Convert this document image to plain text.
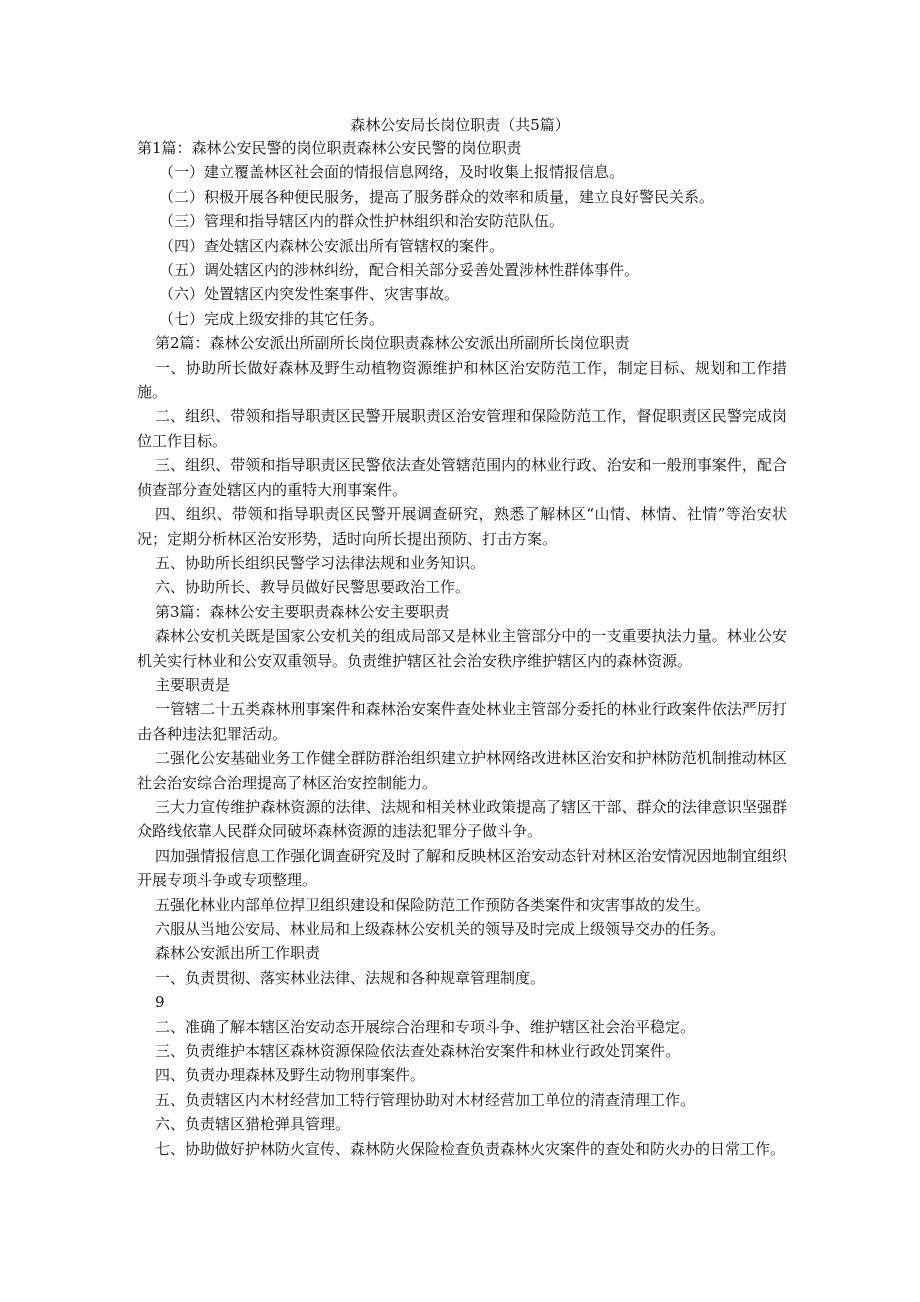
森林公安局长岗位职责（共5篇）

第1篇：森林公安民警的岗位职责森林公安民警的岗位职责

（一）建立覆盖林区社会面的情报信息网络，及时收集上报情报信息。

（二）积极开展各种便民服务，提高了服务群众的效率和质量，建立良好警民关系。

（三）管理和指导辖区内的群众性护林组织和治安防范队伍。

（四）查处辖区内森林公安派出所有管辖权的案件。

（五）调处辖区内的涉林纠纷，配合相关部分妥善处置涉林性群体事件。

（六）处置辖区内突发性案事件、灾害事故。

（七）完成上级安排的其它任务。

第2篇：森林公安派出所副所长岗位职责森林公安派出所副所长岗位职责

一、协助所长做好森林及野生动植物资源维护和林区治安防范工作，制定目标、规划和工作措施。

二、组织、带领和指导职责区民警开展职责区治安管理和保险防范工作，督促职责区民警完成岗位工作目标。

三、组织、带领和指导职责区民警依法查处管辖范围内的林业行政、治安和一般刑事案件，配合侦查部分查处辖区内的重特大刑事案件。

四、组织、带领和指导职责区民警开展调查研究，熟悉了解林区“山情、林情、社情”等治安状况；定期分析林区治安形势，适时向所长提出预防、打击方案。

五、协助所长组织民警学习法律法规和业务知识。

六、协助所长、教导员做好民警思要政治工作。

第3篇：森林公安主要职责森林公安主要职责

森林公安机关既是国家公安机关的组成局部又是林业主管部分中的一支重要执法力量。林业公安机关实行林业和公安双重领导。负责维护辖区社会治安秩序维护辖区内的森林资源。

主要职责是

一管辖二十五类森林刑事案件和森林治安案件查处林业主管部分委托的林业行政案件依法严厉打击各种违法犯罪活动。

二强化公安基础业务工作健全群防群治组织建立护林网络改进林区治安和护林防范机制推动林区社会治安综合治理提高了林区治安控制能力。

三大力宣传维护森林资源的法律、法规和相关林业政策提高了辖区干部、群众的法律意识坚强群众路线依靠人民群众同破坏森林资源的违法犯罪分子做斗争。

四加强情报信息工作强化调查研究及时了解和反映林区治安动态针对林区治安情况因地制宜组织开展专项斗争或专项整理。

五强化林业内部单位捍卫组织建设和保险防范工作预防各类案件和灾害事故的发生。

六服从当地公安局、林业局和上级森林公安机关的领导及时完成上级领导交办的任务。

森林公安派出所工作职责

一、负责贯彻、落实林业法律、法规和各种规章管理制度。

9

二、准确了解本辖区治安动态开展综合治理和专项斗争、维护辖区社会治平稳定。

三、负责维护本辖区森林资源保险依法查处森林治安案件和林业行政处罚案件。

四、负责办理森林及野生动物刑事案件。

五、负责辖区内木材经营加工特行管理协助对木材经营加工单位的清查清理工作。

六、负责辖区猎枪弹具管理。

七、协助做好护林防火宣传、森林防火保险检查负责森林火灾案件的查处和防火办的日常工作。
